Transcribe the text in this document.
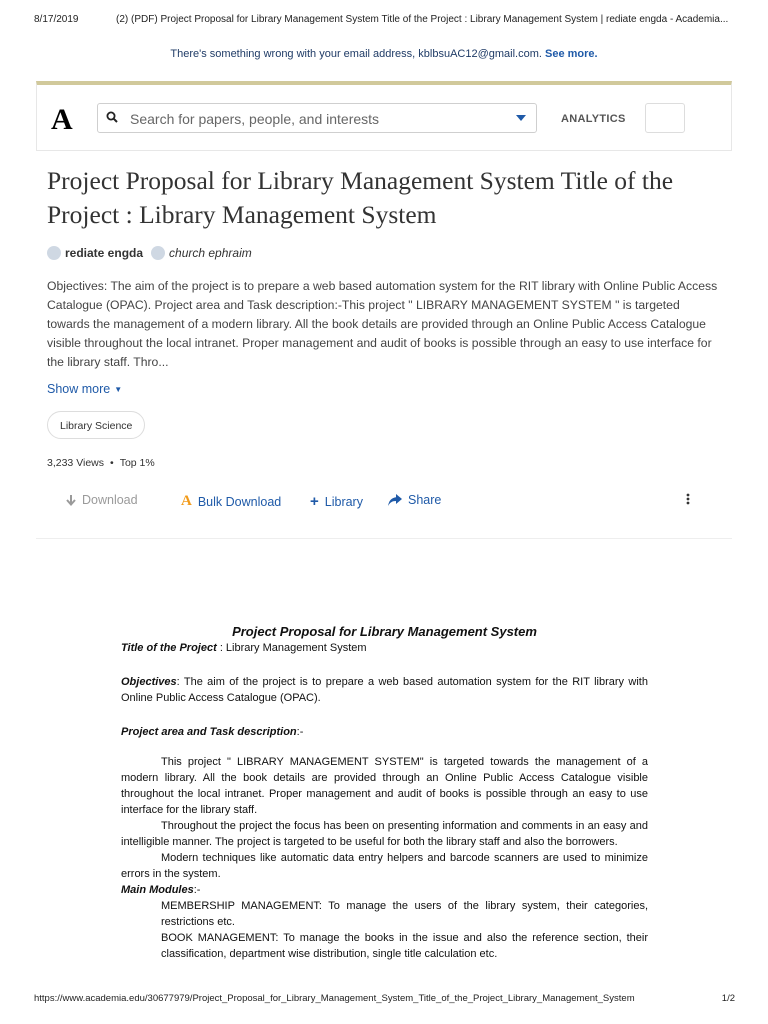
8/17/2019	(2) (PDF) Project Proposal for Library Management System Title of the Project : Library Management System | rediate engda - Academia...
There's something wrong with your email address, kblbsuAC12@gmail.com. See more.
A
Search for papers, people, and interests	ANALYTICS
Project Proposal for Library Management System Title of the Project : Library Management System
rediate engda church ephraim

Objectives: The aim of the project is to prepare a web based automation system for the RIT library with Online Public Access Catalogue (OPAC). Project area and Task description:-This project " LIBRARY MANAGEMENT SYSTEM " is targeted towards the management of a modern library. All the book details are provided through an Online Public Access Catalogue visible throughout the local intranet. Proper management and audit of books is possible through an easy to use interface for the library staff. Thro...

Show more ▼
Library Science
3,233 Views • Top 1%
Download	A Bulk Download + Library	Share

Project Proposal for Library Management System

Title of the Project : Library Management System

Objectives: The aim of the project is to prepare a web based automation system for the RIT library with Online Public Access Catalogue (OPAC).

Project area and Task description:-

This project " LIBRARY MANAGEMENT SYSTEM" is targeted towards the management of a modern library. All the book details are provided through an Online Public Access Catalogue visible throughout the local intranet. Proper management and audit of books is possible through an easy to use interface for the library staff.

Throughout the project the focus has been on presenting information and comments in an easy and intelligible manner. The project is targeted to be useful for both the library staff and also the borrowers.

Modern techniques like automatic data entry helpers and barcode scanners are used to minimize errors in the system.

Main Modules:-

MEMBERSHIP MANAGEMENT: To manage the users of the library system, their categories, restrictions etc.

BOOK MANAGEMENT: To manage the books in the issue and also the reference section, their classification, department wise distribution, single title calculation etc.

https://www.academia.edu/30677979/Project_Proposal_for_Library_Management_System_Title_of_the_Project_Library_Management_System	1/2
